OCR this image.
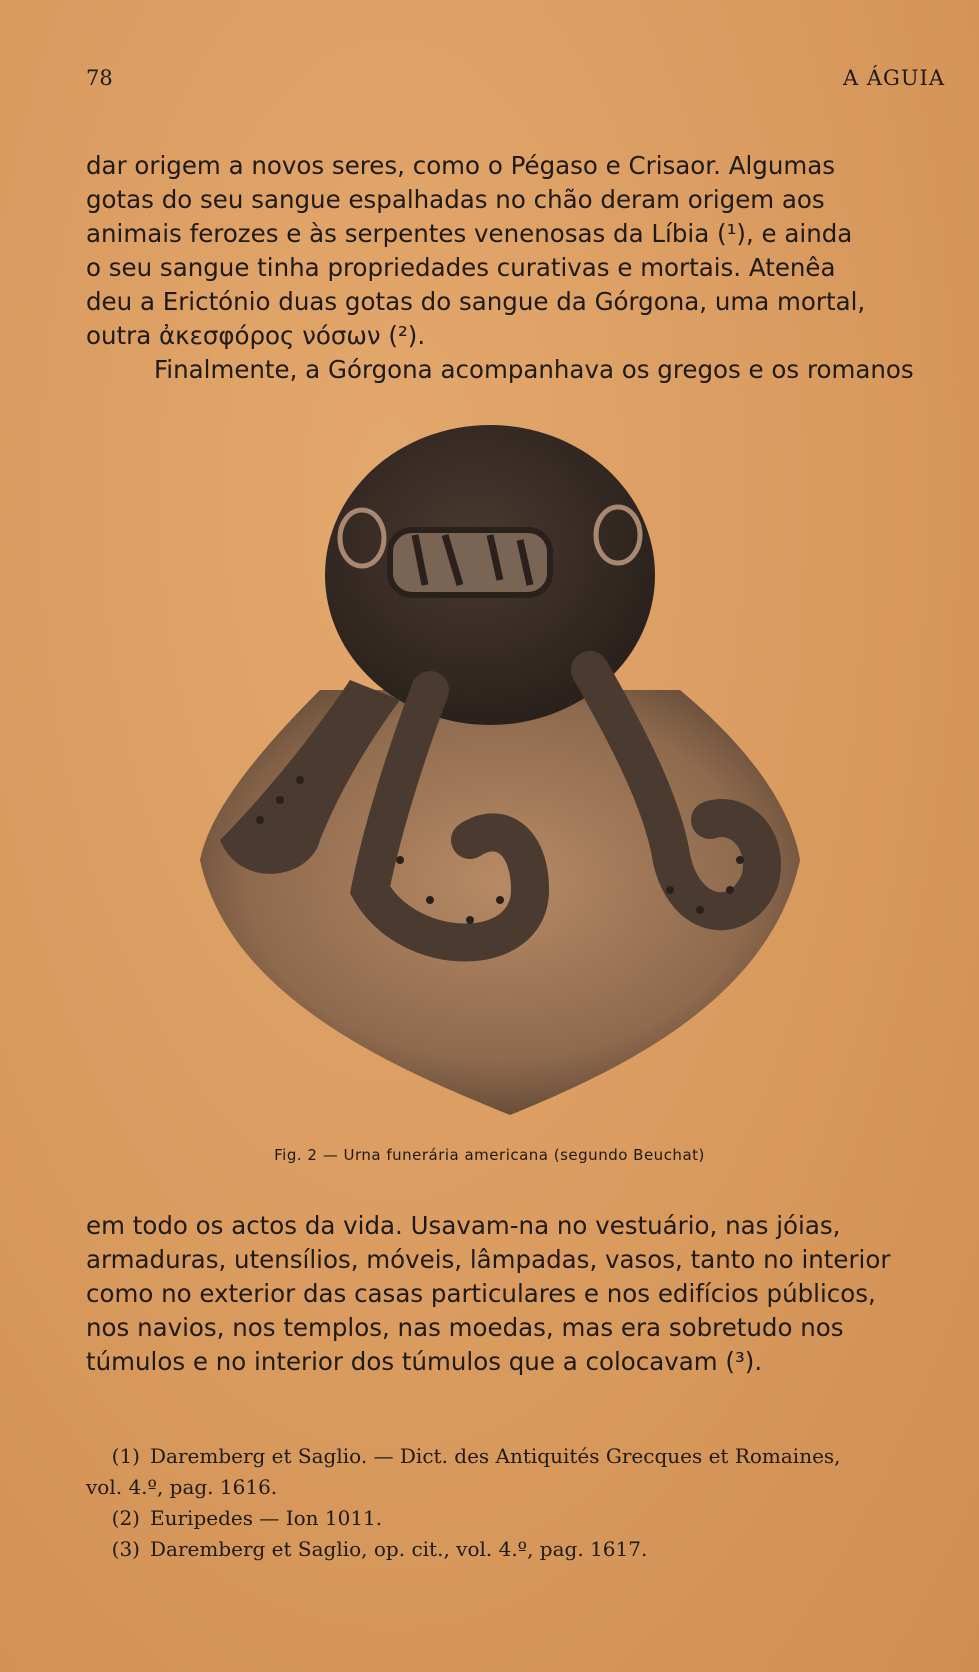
78	A ÁGUIA
dar origem a novos seres, como o Pégaso e Crisaor. Algumas
gotas do seu sangue espalhadas no chão deram origem aos
animais ferozes e às serpentes venenosas da Líbia (¹), e ainda
o seu sangue tinha propriedades curativas e mortais. Atenêa
deu a Erictónio duas gotas do sangue da Górgona, uma mortal,
outra ἀκεσφόρος νόσων (²).
Finalmente, a Górgona acompanhava os gregos e os romanos
Fig. 2 — Urna funerária americana (segundo Beuchat)
em todo os actos da vida. Usavam-na no vestuário, nas jóias,
armaduras, utensílios, móveis, lâmpadas, vasos, tanto no interior
como no exterior das casas particulares e nos edifícios públicos,
nos navios, nos templos, nas moedas, mas era sobretudo nos
túmulos e no interior dos túmulos que a colocavam (³).

(1) Daremberg et Saglio. — Dict. des Antiquités Grecques et Romaines,

vol. 4.º, pag. 1616.

(2) Euripedes — Ion 1011.

(3) Daremberg et Saglio, op. cit., vol. 4.º, pag. 1617.
